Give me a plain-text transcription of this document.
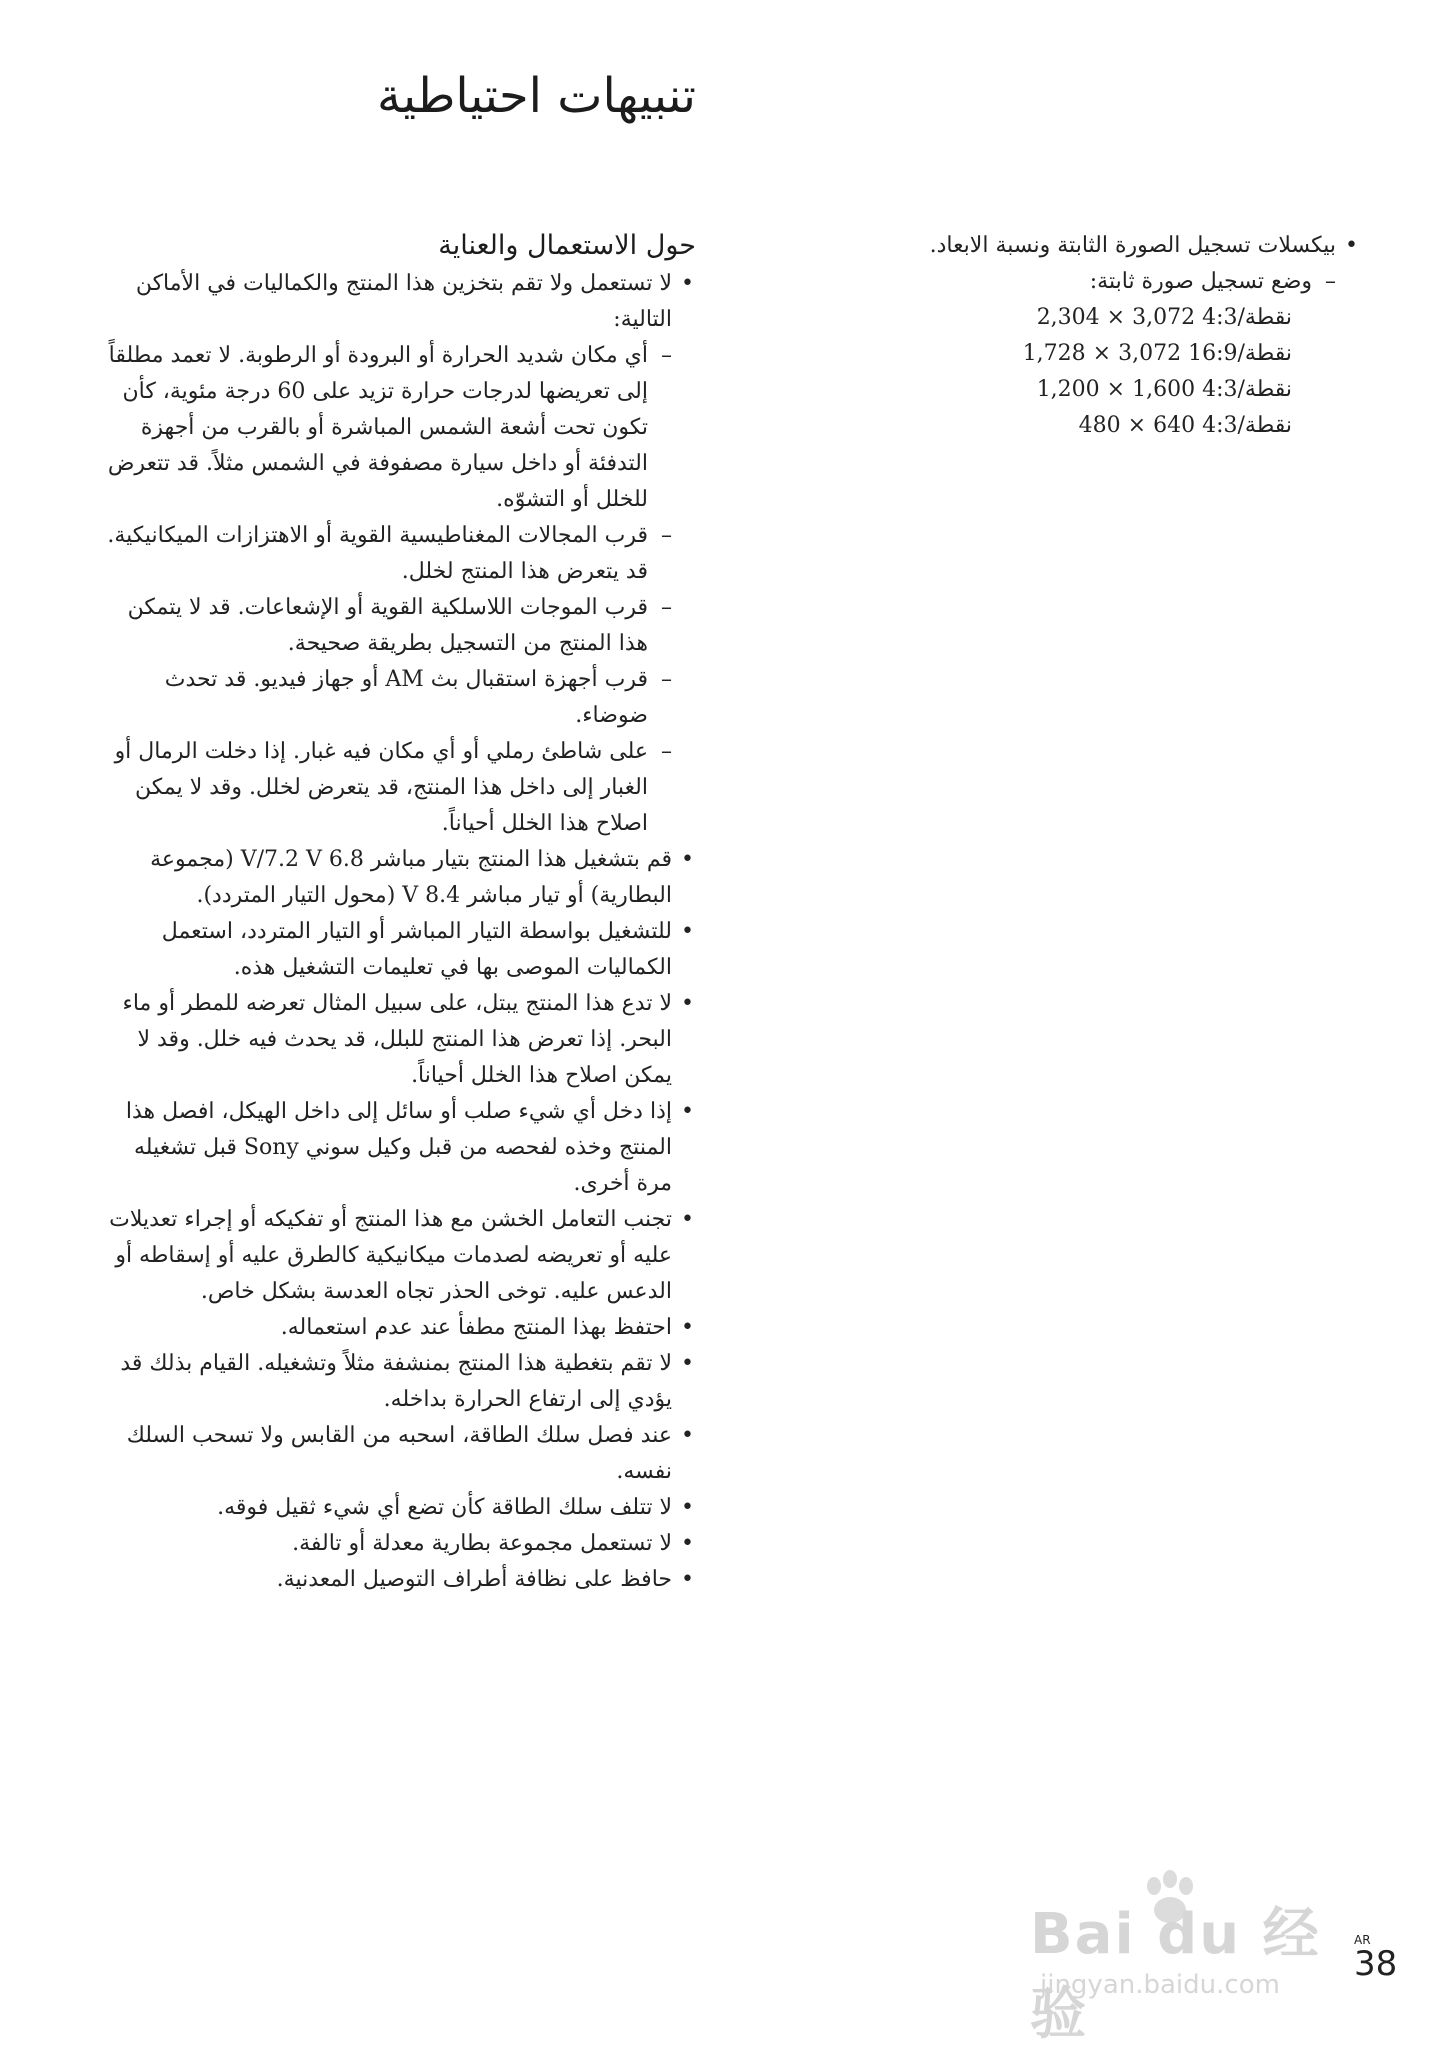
تنبيهات احتياطية
حول الاستعمال والعناية
• لا تستعمل ولا تقم بتخزين هذا المنتج والكماليات في الأماكن التالية:
– أي مكان شديد الحرارة أو البرودة أو الرطوبة. لا تعمد مطلقاً إلى تعريضها لدرجات حرارة تزيد على 60 درجة مئوية، كأن تكون تحت أشعة الشمس المباشرة أو بالقرب من أجهزة التدفئة أو داخل سيارة مصفوفة في الشمس مثلاً. قد تتعرض للخلل أو التشوّه.
– قرب المجالات المغناطيسية القوية أو الاهتزازات الميكانيكية. قد يتعرض هذا المنتج لخلل.
– قرب الموجات اللاسلكية القوية أو الإشعاعات. قد لا يتمكن هذا المنتج من التسجيل بطريقة صحيحة.
– قرب أجهزة استقبال بث AM أو جهاز فيديو. قد تحدث ضوضاء.
– على شاطئ رملي أو أي مكان فيه غبار. إذا دخلت الرمال أو الغبار إلى داخل هذا المنتج، قد يتعرض لخلل. وقد لا يمكن اصلاح هذا الخلل أحياناً.
• قم بتشغيل هذا المنتج بتيار مباشر 6.8 V/7.2 V (مجموعة البطارية) أو تيار مباشر 8.4 V (محول التيار المتردد).
• للتشغيل بواسطة التيار المباشر أو التيار المتردد، استعمل الكماليات الموصى بها في تعليمات التشغيل هذه.
• لا تدع هذا المنتج يبتل، على سبيل المثال تعرضه للمطر أو ماء البحر. إذا تعرض هذا المنتج للبلل، قد يحدث فيه خلل. وقد لا يمكن اصلاح هذا الخلل أحياناً.
• إذا دخل أي شيء صلب أو سائل إلى داخل الهيكل، افصل هذا المنتج وخذه لفحصه من قبل وكيل سوني Sony قبل تشغيله مرة أخرى.
• تجنب التعامل الخشن مع هذا المنتج أو تفكيكه أو إجراء تعديلات عليه أو تعريضه لصدمات ميكانيكية كالطرق عليه أو إسقاطه أو الدعس عليه. توخى الحذر تجاه العدسة بشكل خاص.
• احتفظ بهذا المنتج مطفأ عند عدم استعماله.
• لا تقم بتغطية هذا المنتج بمنشفة مثلاً وتشغيله. القيام بذلك قد يؤدي إلى ارتفاع الحرارة بداخله.
• عند فصل سلك الطاقة، اسحبه من القابس ولا تسحب السلك نفسه.
• لا تتلف سلك الطاقة كأن تضع أي شيء ثقيل فوقه.
• لا تستعمل مجموعة بطارية معدلة أو تالفة.
• حافظ على نظافة أطراف التوصيل المعدنية.
• بيكسلات تسجيل الصورة الثابتة ونسبة الابعاد.
– وضع تسجيل صورة ثابتة:
2,304 × 3,072 نقطة/4:3
1,728 × 3,072 نقطة/16:9
1,200 × 1,600 نقطة/4:3
480 × 640 نقطة/4:3
Bai du 经验
jingyan.baidu.com
AR
38
